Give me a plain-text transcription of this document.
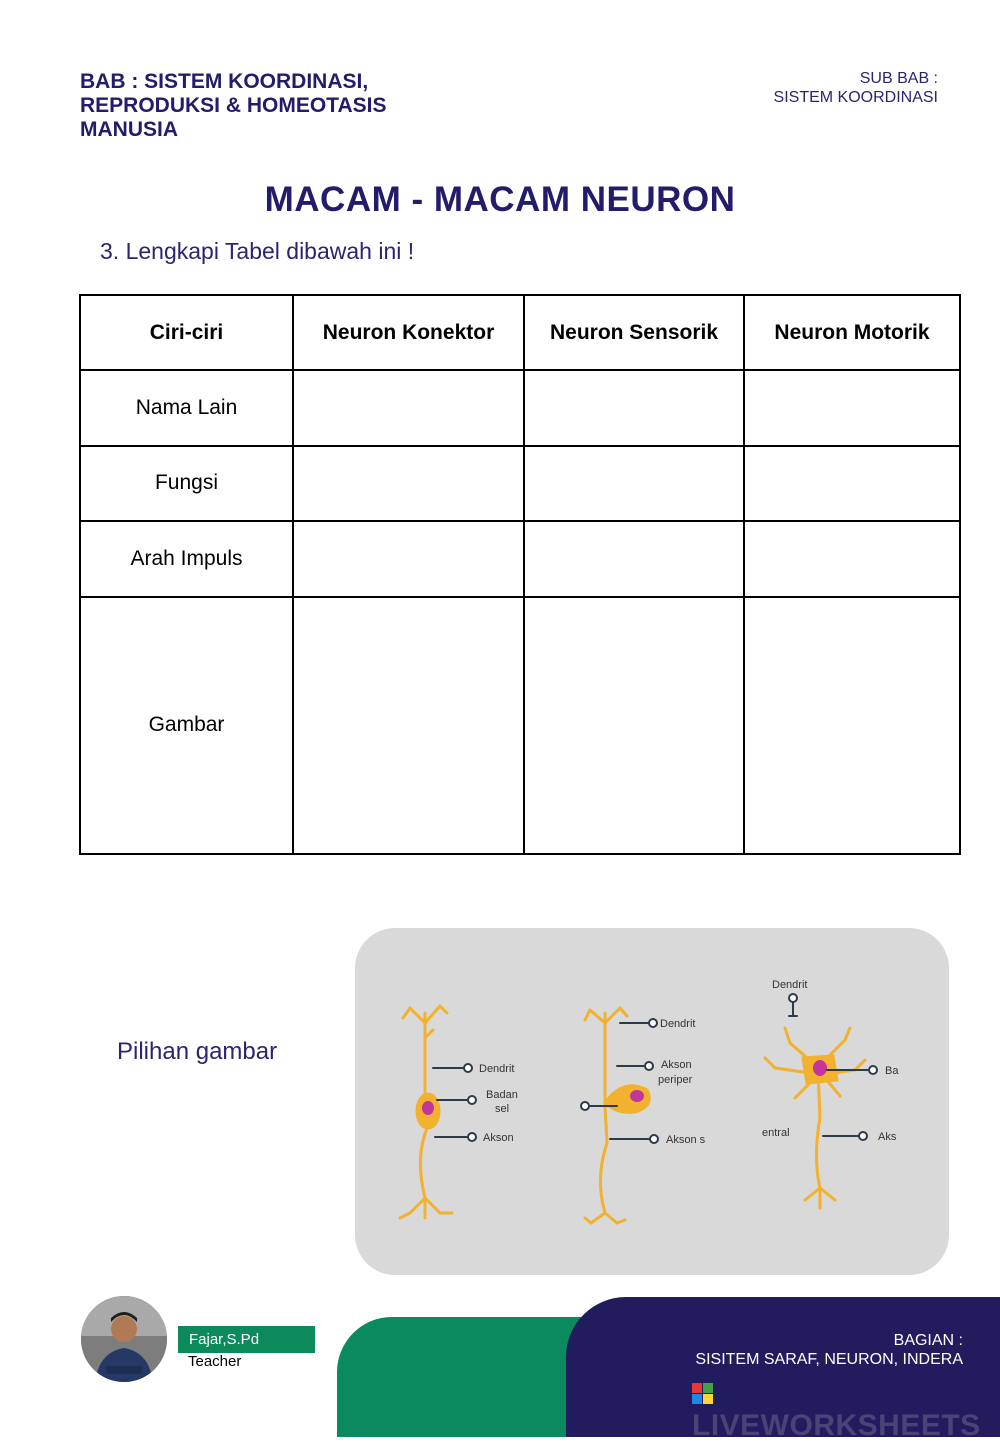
BAB : SISTEM KOORDINASI,
REPRODUKSI & HOMEOTASIS
MANUSIA
SUB BAB :
SISTEM KOORDINASI
MACAM - MACAM NEURON
3. Lengkapi Tabel dibawah ini !
Ciri-ciri	Neuron Konektor	Neuron Sensorik	Neuron Motorik
Nama Lain			
Fungsi			
Arah Impuls			
Gambar			
Pilihan gambar
Dendrit
Badan
sel
Akson
Dendrit
Akson
periper
Akson s
Dendrit
Ba
entral	Aks
Fajar,S.Pd
Teacher
BAGIAN :
SISITEM SARAF, NEURON, INDERA
LIVEWORKSHEETS
